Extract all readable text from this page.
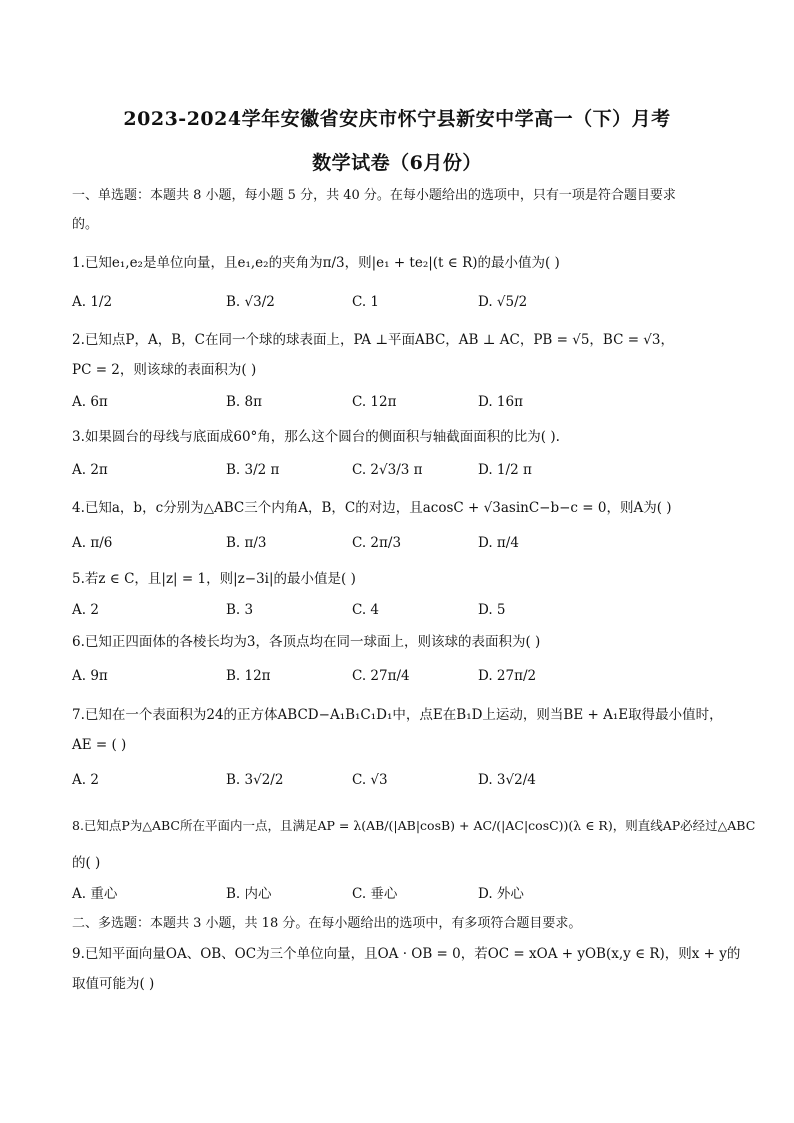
2023-2024学年安徽省安庆市怀宁县新安中学高一（下）月考
数学试卷（6月份）
一、单选题：本题共 8 小题，每小题 5 分，共 40 分。在每小题给出的选项中，只有一项是符合题目要求
的。
1.已知e₁,e₂是单位向量，且e₁,e₂的夹角为π/3，则|e₁ + te₂|(t ∈ R)的最小值为( )
A. 1/2	B. √3/2	C. 1	D. √5/2
2.已知点P，A，B，C在同一个球的球表面上，PA ⊥平面ABC，AB ⊥ AC，PB = √5，BC = √3，
PC = 2，则该球的表面积为( )
A. 6π	B. 8π	C. 12π	D. 16π
3.如果圆台的母线与底面成60°角，那么这个圆台的侧面积与轴截面面积的比为( ).
A. 2π	B. 3/2 π	C. 2√3/3 π	D. 1/2 π
4.已知a，b，c分别为△ABC三个内角A，B，C的对边，且acosC + √3asinC−b−c = 0，则A为( )
A. π/6	B. π/3	C. 2π/3	D. π/4
5.若z ∈ C，且|z| = 1，则|z−3i|的最小值是( )
A. 2	B. 3	C. 4	D. 5
6.已知正四面体的各棱长均为3，各顶点均在同一球面上，则该球的表面积为( )
A. 9π	B. 12π	C. 27π/4	D. 27π/2
7.已知在一个表面积为24的正方体ABCD−A₁B₁C₁D₁中，点E在B₁D上运动，则当BE + A₁E取得最小值时，
AE = ( )
A. 2	B. 3√2/2	C. √3	D. 3√2/4
8.已知点P为△ABC所在平面内一点，且满足AP = λ(AB/(|AB|cosB) + AC/(|AC|cosC))(λ ∈ R)，则直线AP必经过△ABC
的( )
A. 重心	B. 内心	C. 垂心	D. 外心
二、多选题：本题共 3 小题，共 18 分。在每小题给出的选项中，有多项符合题目要求。
9.已知平面向量OA、OB、OC为三个单位向量，且OA · OB = 0，若OC = xOA + yOB(x,y ∈ R)，则x + y的
取值可能为( )
